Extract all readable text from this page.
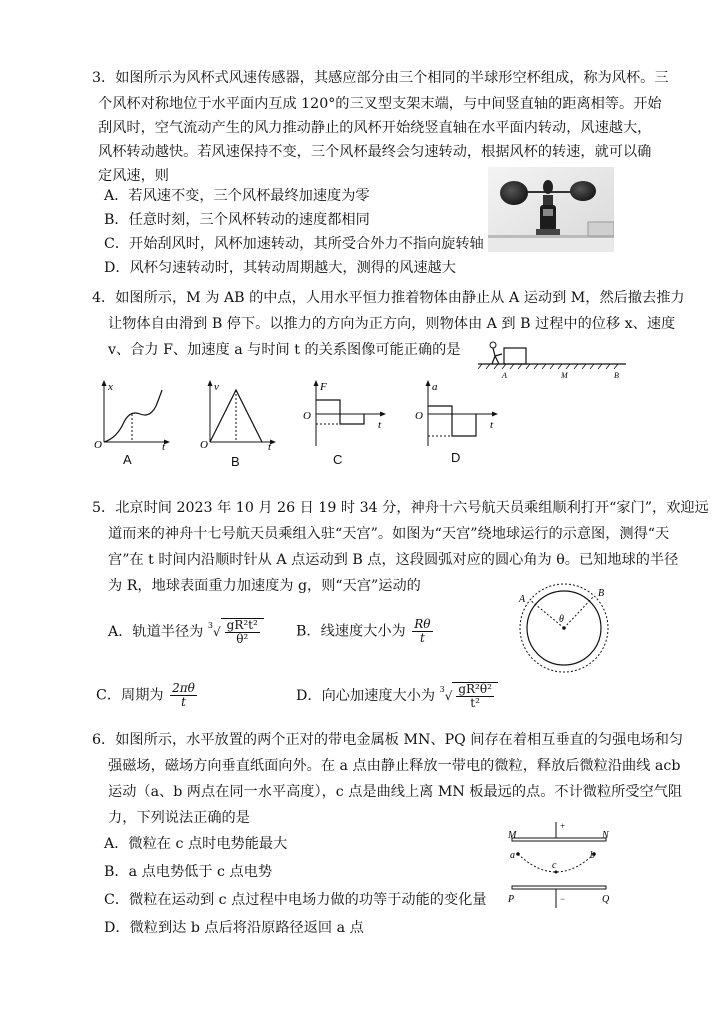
3．如图所示为风杯式风速传感器，其感应部分由三个相同的半球形空杯组成，称为风杯。三
个风杯对称地位于水平面内互成 120°的三叉型支架末端，与中间竖直轴的距离相等。开始
刮风时，空气流动产生的风力推动静止的风杯开始绕竖直轴在水平面内转动，风速越大，
风杯转动越快。若风速保持不变，三个风杯最终会匀速转动，根据风杯的转速，就可以确
定风速，则
A．若风速不变，三个风杯最终加速度为零
B．任意时刻，三个风杯转动的速度都相同
C．开始刮风时，风杯加速转动，其所受合外力不指向旋转轴
D．风杯匀速转动时，其转动周期越大，测得的风速越大
4．如图所示，M 为 AB 的中点，人用水平恒力推着物体由静止从 A 运动到 M，然后撤去推力
让物体自由滑到 B 停下。以推力的方向为正方向，则物体由 A 到 B 过程中的位移 x、速度
v、合力 F、加速度 a 与时间 t 的关系图像可能正确的是
A	M	B
x
t
O
A
v
t
O
B
F
t
O
C
a
t
O
D
5．北京时间 2023 年 10 月 26 日 19 时 34 分，神舟十六号航天员乘组顺利打开“家门”，欢迎远
道而来的神舟十七号航天员乘组入驻“天宫”。如图为“天宫”绕地球运行的示意图，测得“天
宫”在 t 时间内沿顺时针从 A 点运动到 B 点，这段圆弧对应的圆心角为 θ。已知地球的半径
为 R，地球表面重力加速度为 g，则“天宫”运动的
A．轨道半径为 $^3√ \frac{\text{gR²t²}}{\text{θ²}}$	B．线速度大小为 $\frac{R\theta}{t}$
C．周期为 $\frac{2\pi\theta}{t}$	D．向心加速度大小为 $^3√ \frac{\text{gR²θ²}}{\text{t²}}$
A
B
θ
6．如图所示，水平放置的两个正对的带电金属板 MN、PQ 间存在着相互垂直的匀强电场和匀
强磁场，磁场方向垂直纸面向外。在 a 点由静止释放一带电的微粒，释放后微粒沿曲线 acb
运动（a、b 两点在同一水平高度），c 点是曲线上离 MN 板最远的点。不计微粒所受空气阻
力，下列说法正确的是
A．微粒在 c 点时电势能最大
B．a 点电势低于 c 点电势
C．微粒在运动到 c 点过程中电场力做的功等于动能的变化量
D．微粒到达 b 点后将沿原路径返回 a 点
M	N
P	Q
a	b
c
+
−
